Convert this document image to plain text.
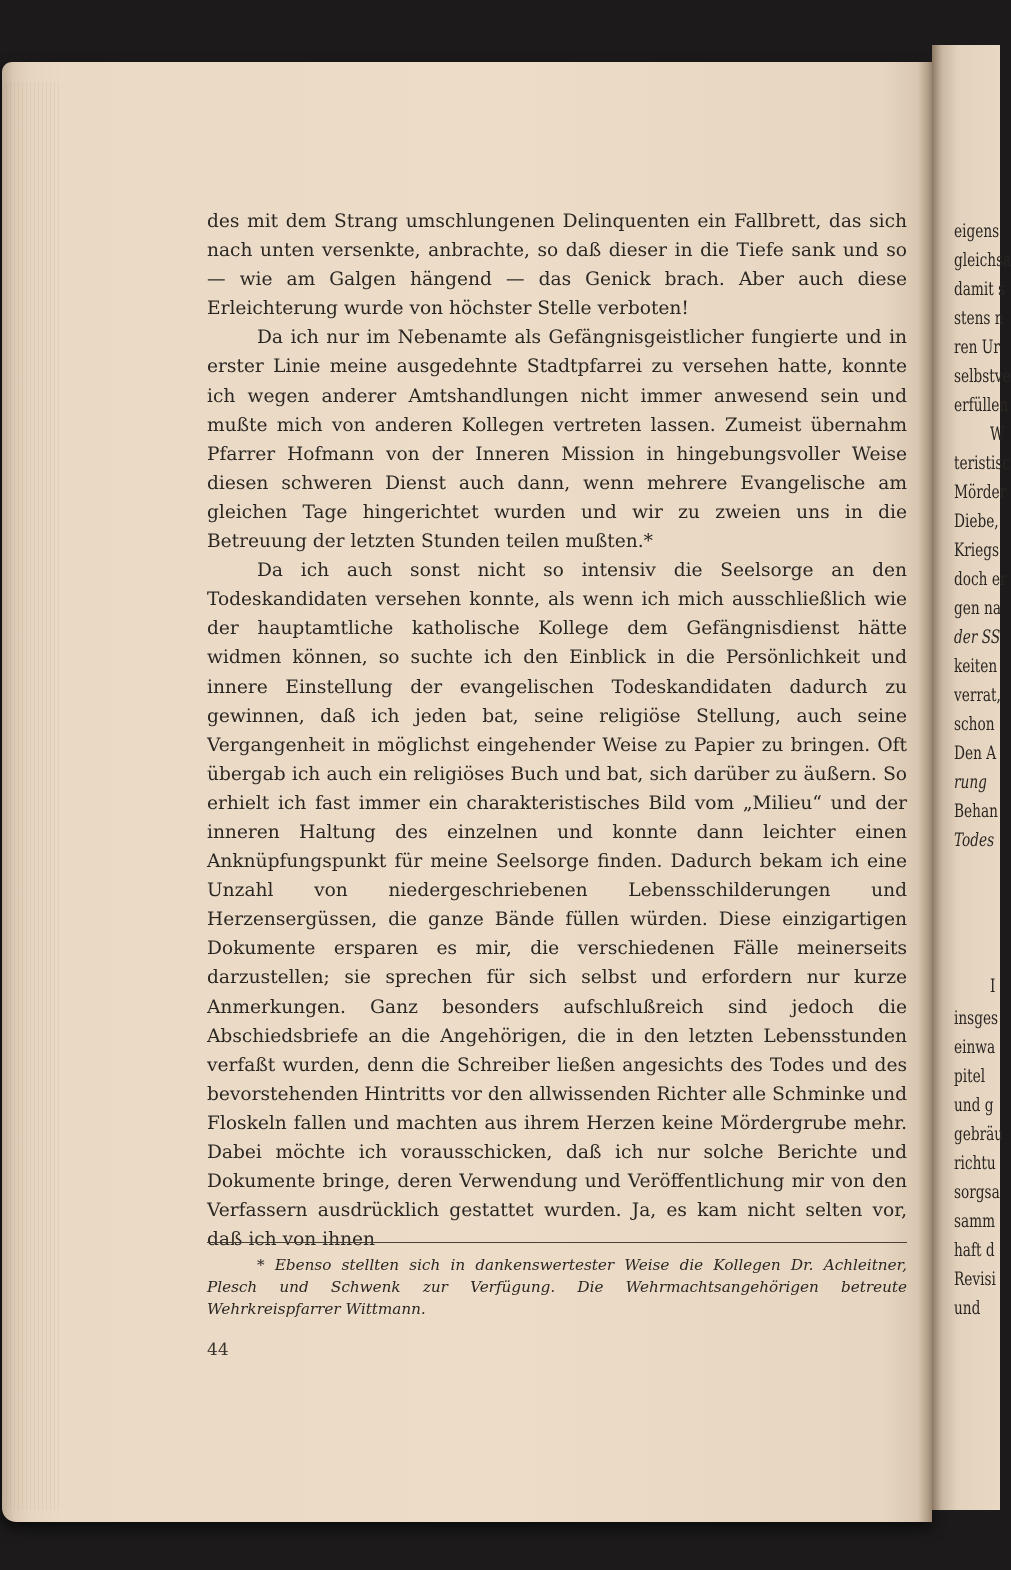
eigens
gleichsa
damit s
stens n
ren Ur
selbstve
erfüllen
W
teristisc
Mörder
Diebe,
Kriegs
doch er
gen na
der SS
keiten
verrat,
schon
Den A
rung
Behan
Todes
I
insges
einwa
pitel
und g
gebräu
richtu
sorgsa
samm
haft d
Revisi
und

des mit dem Strang umschlungenen Delinquenten ein Fallbrett, das sich nach unten versenkte, anbrachte, so daß dieser in die Tiefe sank und so — wie am Galgen hängend — das Genick brach. Aber auch diese Erleichterung wurde von höchster Stelle verboten!

Da ich nur im Nebenamte als Gefängnisgeistlicher fungierte und in erster Linie meine ausgedehnte Stadtpfarrei zu versehen hatte, konnte ich wegen anderer Amtshandlungen nicht immer anwesend sein und mußte mich von anderen Kollegen vertreten lassen. Zumeist übernahm Pfarrer Hofmann von der Inneren Mission in hingebungsvoller Weise diesen schweren Dienst auch dann, wenn mehrere Evangelische am gleichen Tage hingerichtet wurden und wir zu zweien uns in die Betreuung der letzten Stunden teilen mußten.*

Da ich auch sonst nicht so intensiv die Seelsorge an den Todeskandidaten versehen konnte, als wenn ich mich ausschließlich wie der hauptamtliche katholische Kollege dem Gefängnisdienst hätte widmen können, so suchte ich den Einblick in die Persönlichkeit und innere Einstellung der evangelischen Todeskandidaten dadurch zu gewinnen, daß ich jeden bat, seine religiöse Stellung, auch seine Vergangenheit in möglichst eingehender Weise zu Papier zu bringen. Oft übergab ich auch ein religiöses Buch und bat, sich darüber zu äußern. So erhielt ich fast immer ein charakteristisches Bild vom „Milieu“ und der inneren Haltung des einzelnen und konnte dann leichter einen Anknüpfungspunkt für meine Seelsorge finden. Dadurch bekam ich eine Unzahl von niedergeschriebenen Lebensschilderungen und Herzensergüssen, die ganze Bände füllen würden. Diese einzigartigen Dokumente ersparen es mir, die verschiedenen Fälle meinerseits darzustellen; sie sprechen für sich selbst und erfordern nur kurze Anmerkungen. Ganz besonders aufschlußreich sind jedoch die Abschiedsbriefe an die Angehörigen, die in den letzten Lebensstunden verfaßt wurden, denn die Schreiber ließen angesichts des Todes und des bevorstehenden Hintritts vor den allwissenden Richter alle Schminke und Floskeln fallen und machten aus ihrem Herzen keine Mördergrube mehr. Dabei möchte ich vorausschicken, daß ich nur solche Berichte und Dokumente bringe, deren Verwendung und Veröffentlichung mir von den Verfassern ausdrücklich gestattet wurden. Ja, es kam nicht selten vor, daß ich von ihnen

* Ebenso stellten sich in dankenswertester Weise die Kollegen Dr. Achleitner, Plesch und Schwenk zur Verfügung. Die Wehrmachtsangehörigen betreute Wehrkreispfarrer Wittmann.
44
